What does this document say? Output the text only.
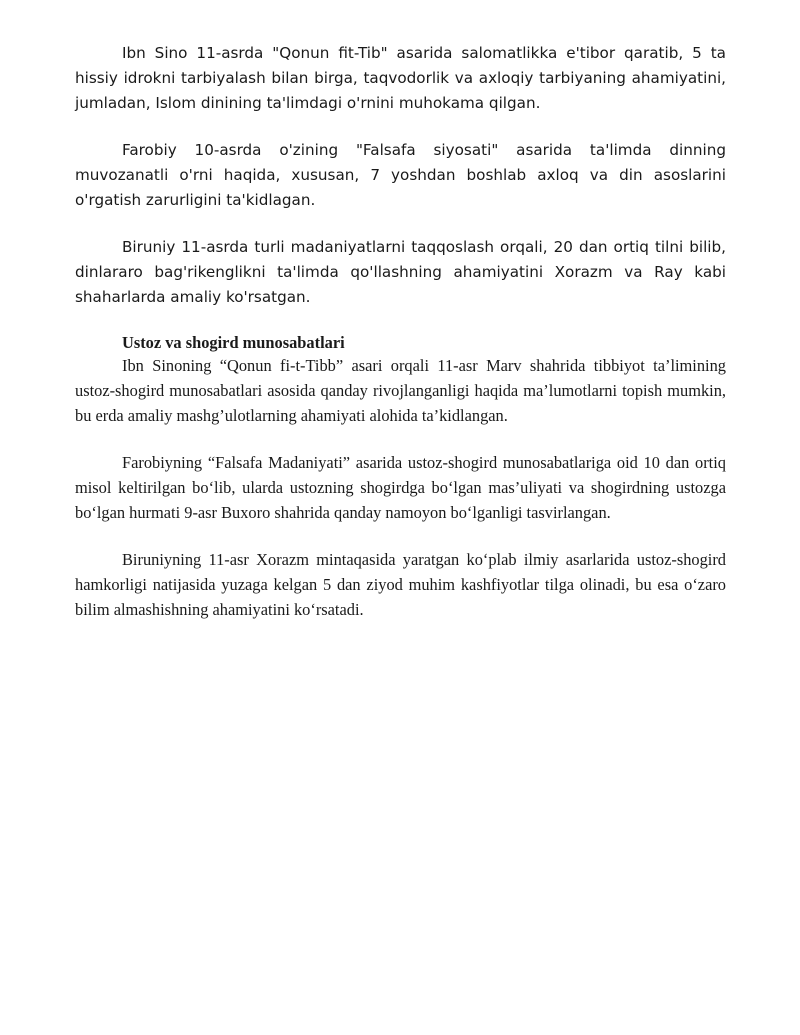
Ibn Sino 11-asrda "Qonun fit-Tib" asarida salomatlikka e'tibor qaratib, 5 ta hissiy idrokni tarbiyalash bilan birga, taqvodorlik va axloqiy tarbiyaning ahamiyatini, jumladan, Islom dinining ta'limdagi o'rnini muhokama qilgan.

Farobiy 10-asrda o'zining "Falsafa siyosati" asarida ta'limda dinning muvozanatli o'rni haqida, xususan, 7 yoshdan boshlab axloq va din asoslarini o'rgatish zarurligini ta'kidlagan.

Biruniy 11-asrda turli madaniyatlarni taqqoslash orqali, 20 dan ortiq tilni bilib, dinlararo bag'rikenglikni ta'limda qo'llashning ahamiyatini Xorazm va Ray kabi shaharlarda amaliy ko'rsatgan.

Ustoz va shogird munosabatlari

Ibn Sinoning “Qonun fi-t-Tibb” asari orqali 11-asr Marv shahrida tibbiyot ta’limining ustoz-shogird munosabatlari asosida qanday rivojlanganligi haqida ma’lumotlarni topish mumkin, bu erda amaliy mashg’ulotlarning ahamiyati alohida ta’kidlangan.

Farobiyning “Falsafa Madaniyati” asarida ustoz-shogird munosabatlariga oid 10 dan ortiq misol keltirilgan bo‘lib, ularda ustozning shogirdga bo‘lgan mas’uliyati va shogirdning ustozga bo‘lgan hurmati 9-asr Buxoro shahrida qanday namoyon bo‘lganligi tasvirlangan.

Biruniyning 11-asr Xorazm mintaqasida yaratgan ko‘plab ilmiy asarlarida ustoz-shogird hamkorligi natijasida yuzaga kelgan 5 dan ziyod muhim kashfiyotlar tilga olinadi, bu esa o‘zaro bilim almashishning ahamiyatini ko‘rsatadi.
